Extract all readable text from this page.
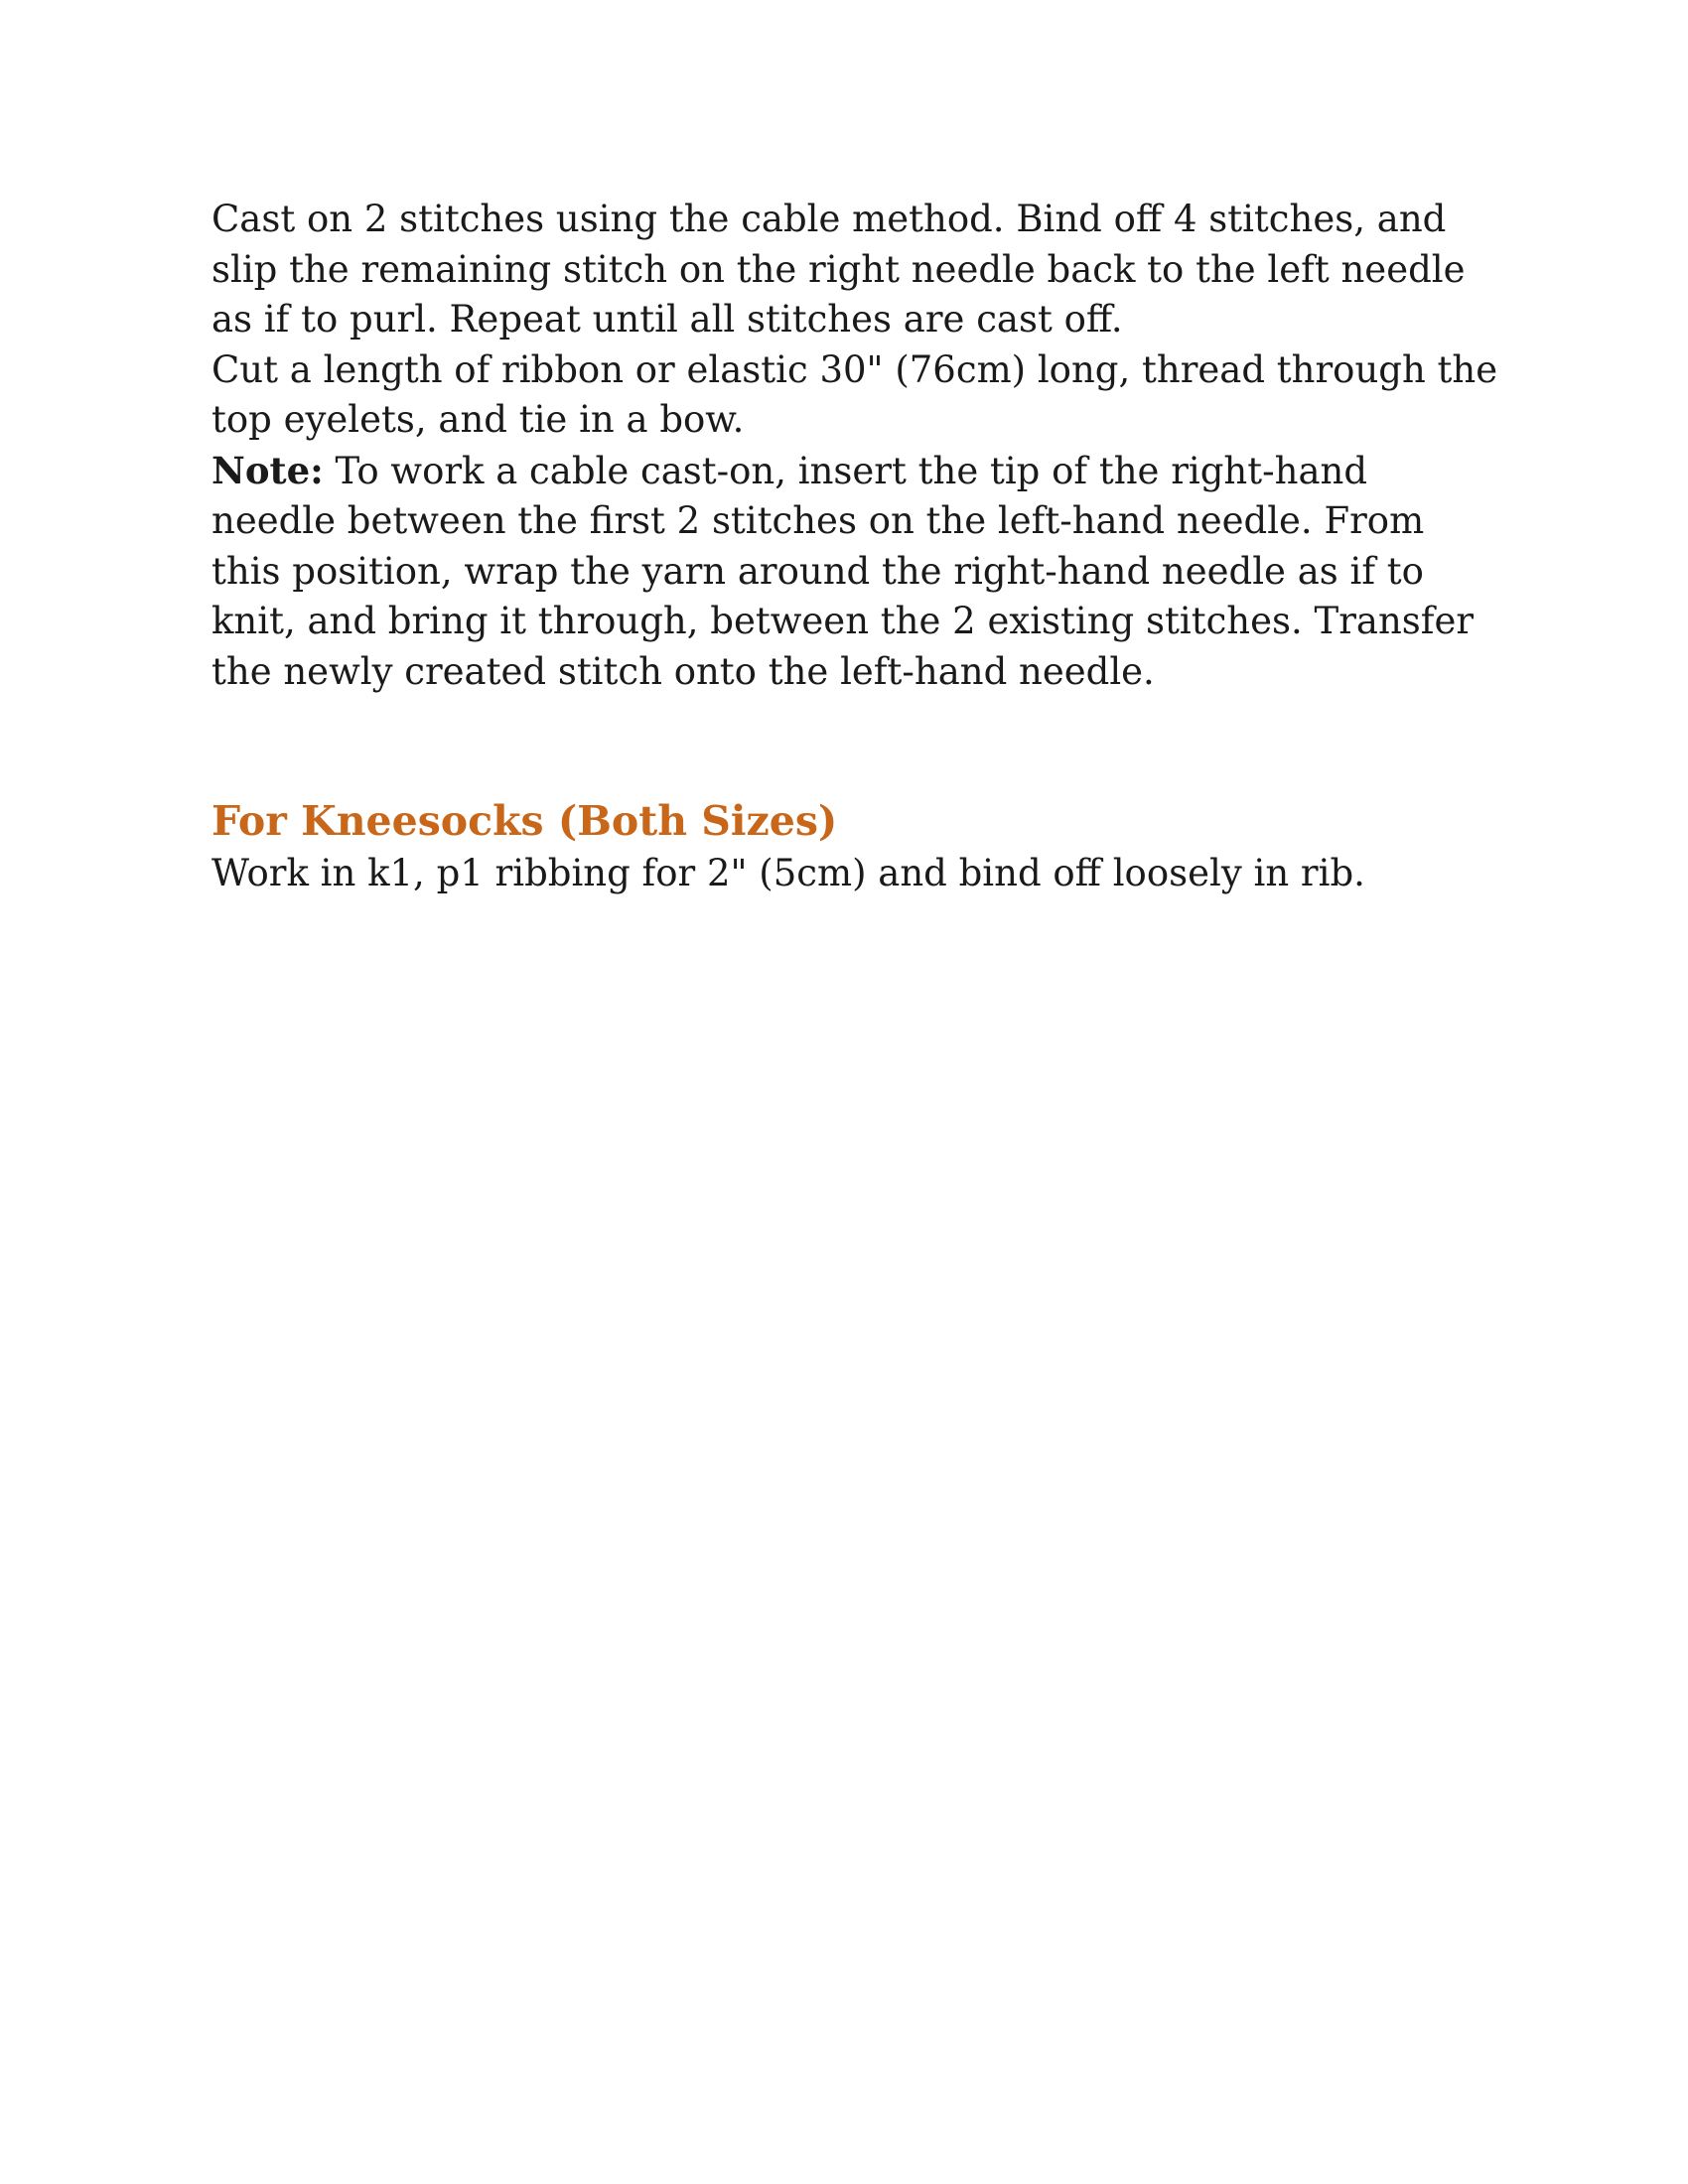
Cast on 2 stitches using the cable method. Bind off 4 stitches, and slip the remaining stitch on the right needle back to the left needle as if to purl. Repeat until all stitches are cast off.

Cut a length of ribbon or elastic 30" (76cm) long, thread through the top eyelets, and tie in a bow.

Note: To work a cable cast-on, insert the tip of the right-hand needle between the first 2 stitches on the left-hand needle. From this position, wrap the yarn around the right-hand needle as if to knit, and bring it through, between the 2 existing stitches. Transfer the newly created stitch onto the left-hand needle.

For Kneesocks (Both Sizes)

Work in k1, p1 ribbing for 2" (5cm) and bind off loosely in rib.
